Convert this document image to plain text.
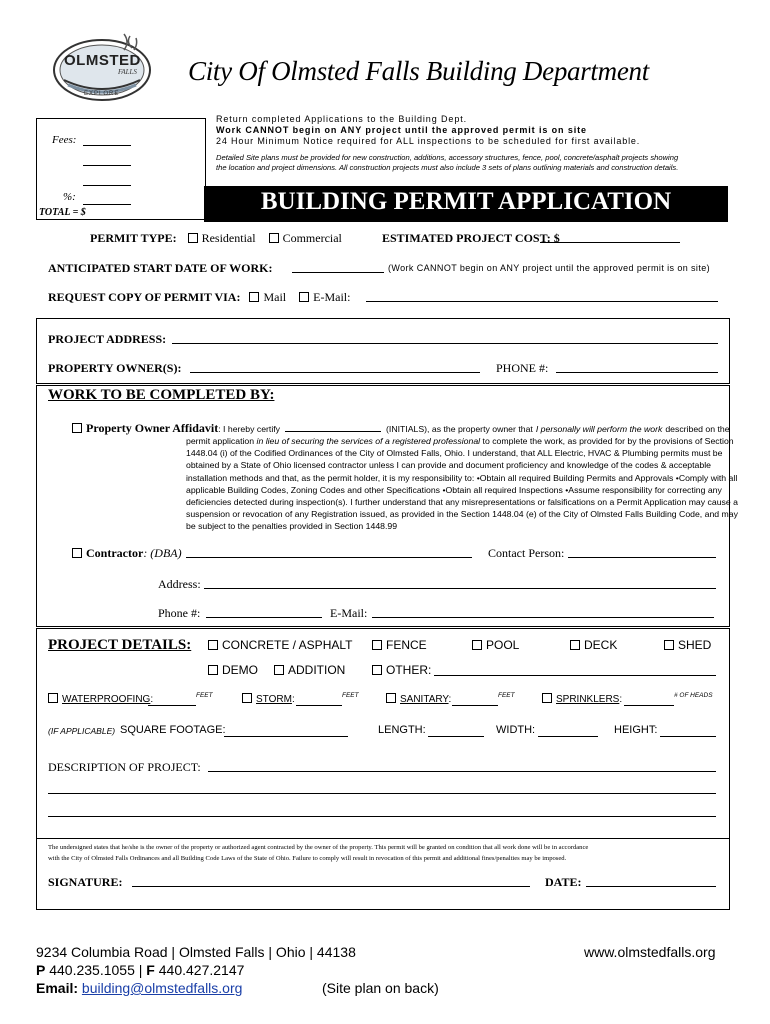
OLMSTED
FALLS
EXPLORE
City Of Olmsted Falls Building Department
Fees:
%:
TOTAL = $
Return completed Applications to the Building Dept.
Work CANNOT begin on ANY project until the approved permit is on site
24 Hour Minimum Notice required for ALL inspections to be scheduled for first available.
Detailed Site plans must be provided for new construction, additions, accessory structures, fence, pool, concrete/asphalt projects showing
the location and project dimensions. All construction projects must also include 3 sets of plans outlining materials and construction details.
BUILDING PERMIT APPLICATION
PERMIT TYPE: Residential Commercial	ESTIMATED PROJECT COST: $
ANTICIPATED START DATE OF WORK:	(Work CANNOT begin on ANY project until the approved permit is on site)
REQUEST COPY OF PERMIT VIA: Mail E-Mail:
PROJECT ADDRESS:
PROPERTY OWNER(S):	PHONE #:
WORK TO BE COMPLETED BY:
Property Owner Affidavit: I hereby certify	(INITIALS), as the property owner that I personally will perform the work described on the
permit application in lieu of securing the services of a registered professional to complete the work, as provided for by the provisions of Section
1448.04 (i) of the Codified Ordinances of the City of Olmsted Falls, Ohio. I understand, that ALL Electric, HVAC & Plumbing permits must be
obtained by a State of Ohio licensed contractor unless I can provide and document proficiency and knowledge of the codes & acceptable
installation methods and that, as the permit holder, it is my responsibility to: •Obtain all required Building Permits and Approvals •Comply with all
applicable Building Codes, Zoning Codes and other Specifications •Obtain all required Inspections •Assume responsibility for correcting any
deficiencies detected during inspection(s). I further understand that any misrepresentations or falsifications on a Permit Application may cause a
suspension or revocation of any Registration issued, as provided in the Section 1448.04 (e) of the City of Olmsted Falls Building Code, and may
be subject to the penalties provided in Section 1448.99
Contractor: (DBA)	Contact Person:
Address:
Phone #:	E-Mail:
PROJECT DETAILS:	CONCRETE / ASPHALT	FENCE	POOL	DECK	SHED
DEMO	ADDITION	OTHER:
WATERPROOFING:	FEET	STORM:	FEET	SANITARY:	FEET	SPRINKLERS:	# OF HEADS
(IF APPLICABLE) SQUARE FOOTAGE:	LENGTH:	WIDTH:	HEIGHT:
DESCRIPTION OF PROJECT:
The undersigned states that he/she is the owner of the property or authorized agent contracted by the owner of the property. This permit will be granted on condition that all work done will be in accordance
with the City of Olmsted Falls Ordinances and all Building Code Laws of the State of Ohio. Failure to comply will result in revocation of this permit and additional fines/penalties may be imposed.
SIGNATURE:	DATE:
9234 Columbia Road | Olmsted Falls | Ohio | 44138	www.olmstedfalls.org
P 440.235.1055 | F 440.427.2147
Email: building@olmstedfalls.org	(Site plan on back)
